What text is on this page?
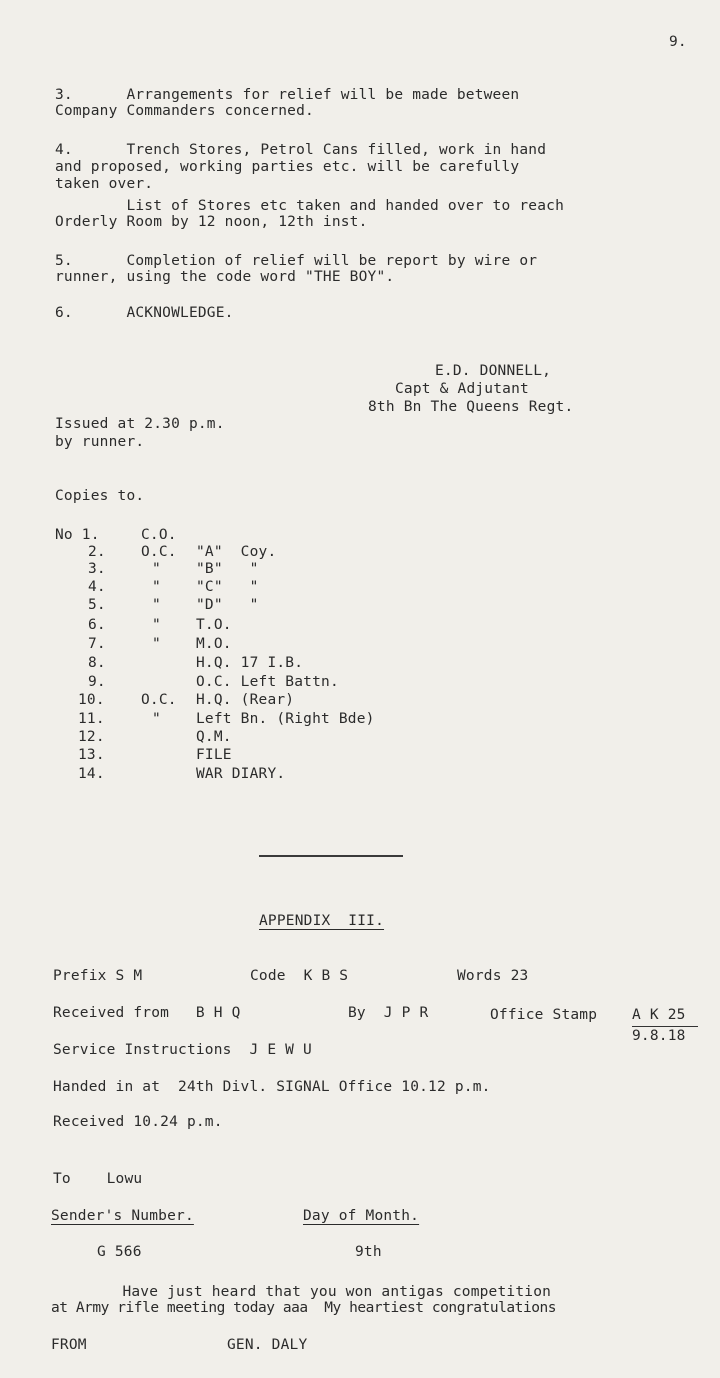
9.
3.      Arrangements for relief will be made between
Company Commanders concerned.
4.      Trench Stores, Petrol Cans filled, work in hand
and proposed, working parties etc. will be carefully
taken over.
List of Stores etc taken and handed over to reach
Orderly Room by 12 noon, 12th inst.
5.      Completion of relief will be report by wire or
runner, using the code word "THE BOY".
6.      ACKNOWLEDGE.
E.D. DONNELL,
Capt & Adjutant
8th Bn The Queens Regt.
Issued at 2.30 p.m.
by runner.
Copies to.
No 1.	C.O.
2. O.C. "A"  Coy.
3.	" "B"   "
4.	" "C"   "
5.	" "D"   "
6.	" T.O.
7.	" M.O.
8.	H.Q. 17 I.B.
9.	O.C. Left Battn.
10. O.C. H.Q. (Rear)
11.	" Left Bn. (Right Bde)
12.	Q.M.
13.	FILE
14.	WAR DIARY.
APPENDIX  III.
Prefix S M	Code  K B S	Words 23
Received from   B H Q	By  J P R	Office Stamp A K 25
9.8.18
Service Instructions  J E W U
Handed in at  24th Divl. SIGNAL Office 10.12 p.m.
Received 10.24 p.m.
To    Lowu
Sender's Number.	Day of Month.
G 566	9th
Have just heard that you won antigas competition
at Army rifle meeting today aaa  My heartiest congratulations
FROM	GEN. DALY
